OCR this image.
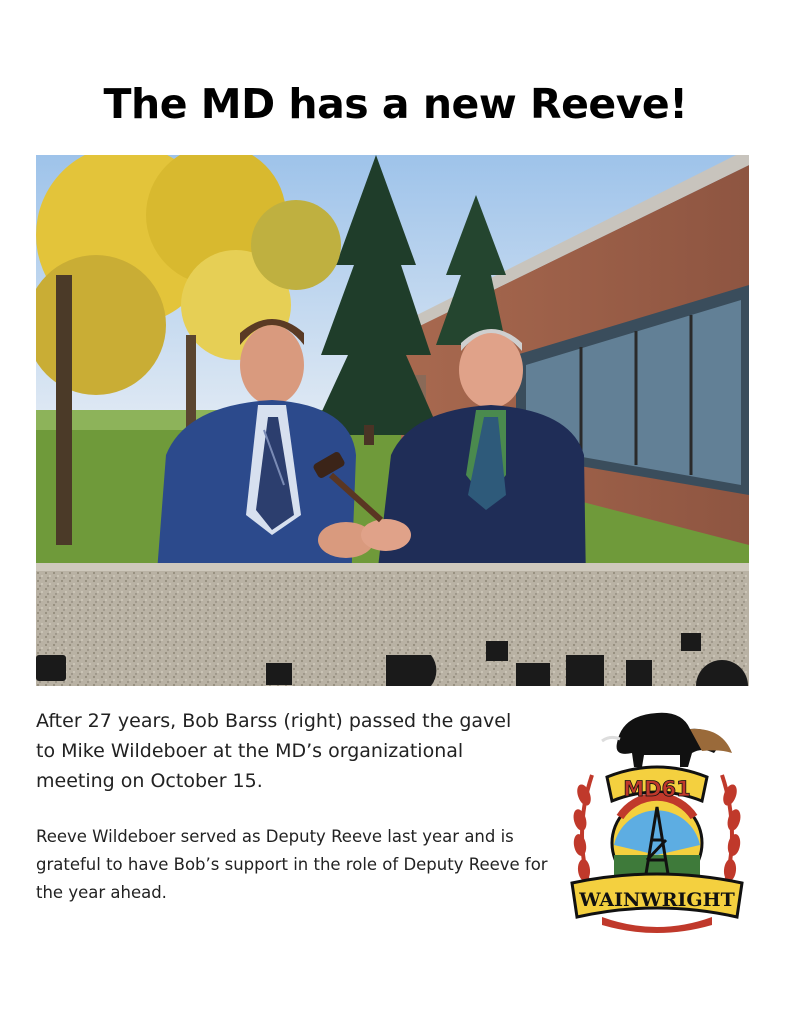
The MD has a new Reeve!
After 27 years, Bob Barss (right) passed the gavel to Mike Wildeboer at the MD’s organizational meeting on October 15.
Reeve Wildeboer served as Deputy Reeve last year and is grateful to have Bob’s support in the role of Deputy Reeve for the year ahead.
MD61
WAINWRIGHT
